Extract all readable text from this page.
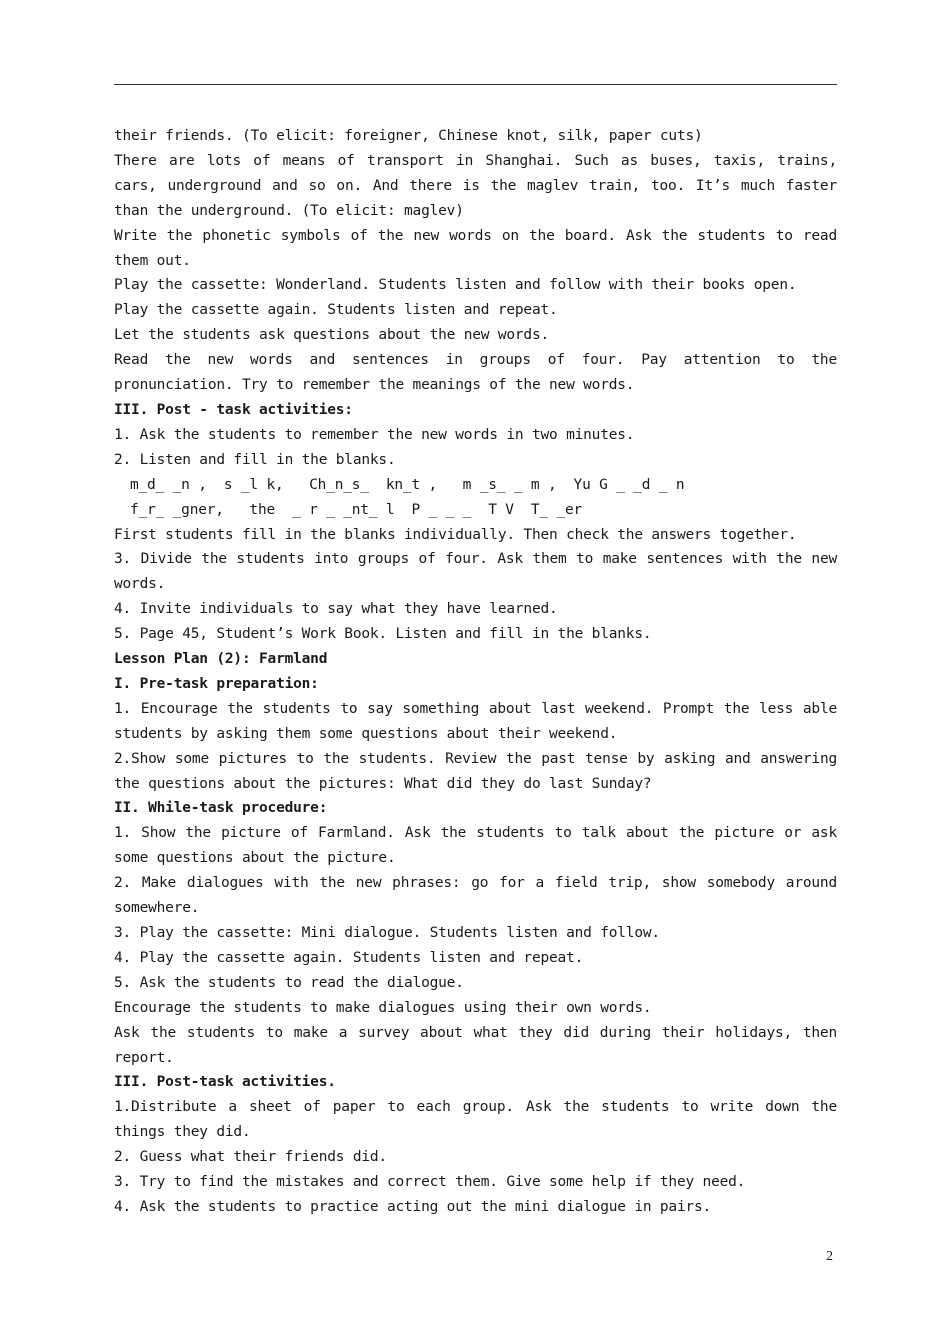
their friends. (To elicit: foreigner, Chinese knot, silk, paper cuts)

There are lots of means of transport in Shanghai. Such as buses, taxis, trains, cars, underground and so on. And there is the maglev train, too. It’s much faster than the underground. (To elicit: maglev)

Write the phonetic symbols of the new words on the board. Ask the students to read them out.

Play the cassette: Wonderland. Students listen and follow with their books open.

Play the cassette again. Students listen and repeat.

Let the students ask questions about the new words.

Read the new words and sentences in groups of four. Pay attention to the pronunciation. Try to remember the meanings of the new words.

III. Post - task activities:

1. Ask the students to remember the new words in two minutes.

2. Listen and fill in the blanks.

m_d_ _n ,  s _l k,   Ch_n_s_  kn_t ,   m _s_ _ m ,  Yu G _ _d _ n

f_r_ _gner,   the  _ r _ _nt_ l  P _ _ _  T V  T_ _er

First students fill in the blanks individually. Then check the answers together.

3. Divide the students into groups of four. Ask them to make sentences with the new words.

4. Invite individuals to say what they have learned.

5. Page 45, Student’s Work Book. Listen and fill in the blanks.

Lesson Plan (2): Farmland

I. Pre-task preparation:

1. Encourage the students to say something about last weekend. Prompt the less able students by asking them some questions about their weekend.

2.Show some pictures to the students. Review the past tense by asking and answering the questions about the pictures: What did they do last Sunday?

II. While-task procedure:

1. Show the picture of Farmland. Ask the students to talk about the picture or ask some questions about the picture.

2. Make dialogues with the new phrases: go for a field trip, show somebody around somewhere.

3. Play the cassette: Mini dialogue. Students listen and follow.

4. Play the cassette again. Students listen and repeat.

5. Ask the students to read the dialogue.

Encourage the students to make dialogues using their own words.

Ask the students to make a survey about what they did during their holidays, then report.

III. Post-task activities.

1.Distribute a sheet of paper to each group. Ask the students to write down the things they did.

2. Guess what their friends did.

3. Try to find the mistakes and correct them. Give some help if they need.

4. Ask the students to practice acting out the mini dialogue in pairs.

2
